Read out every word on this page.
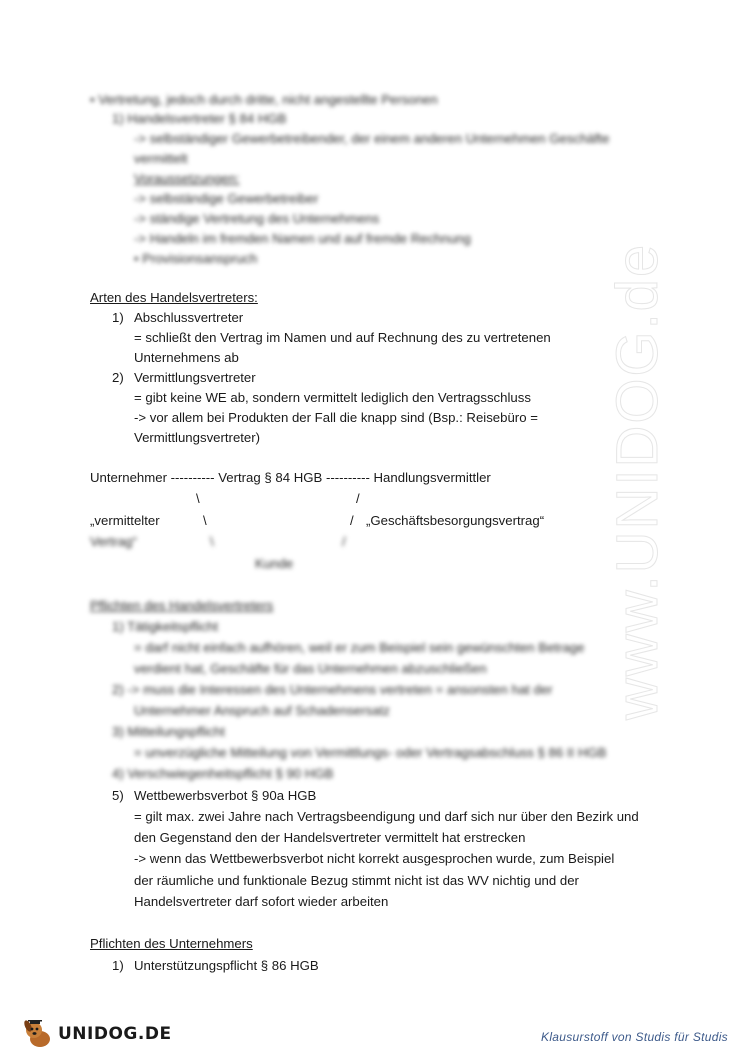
www.UNIDOG.de
• Vertretung, jedoch durch dritte, nicht angestellte Personen
1) Handelsvertreter § 84 HGB
-> selbständiger Gewerbetreibender, der einem anderen Unternehmen Geschäfte
vermittelt
Voraussetzungen:
-> selbständige Gewerbetreiber
-> ständige Vertretung des Unternehmens
-> Handeln im fremden Namen und auf fremde Rechnung
• Provisionsanspruch
Arten des Handelsvertreters:
1) Abschlussvertreter
= schließt den Vertrag im Namen und auf Rechnung des zu vertretenen
Unternehmens ab
2) Vermittlungsvertreter
= gibt keine WE ab, sondern vermittelt lediglich den Vertragsschluss
-> vor allem bei Produkten der Fall die knapp sind (Bsp.: Reisebüro =
Vermittlungsvertreter)
Unternehmer ---------- Vertrag § 84 HGB ---------- Handlungsvermittler
\	/
„vermittelter	\	/ „Geschäftsbesorgungsvertrag“
Vertrag“	\	/
Kunde
Pflichten des Handelsvertreters
1) Tätigkeitspflicht
= darf nicht einfach aufhören, weil er zum Beispiel sein gewünschten Betrage
verdient hat, Geschäfte für das Unternehmen abzuschließen
2) -> muss die Interessen des Unternehmens vertreten = ansonsten hat der
Unternehmer Anspruch auf Schadensersatz
3) Mitteilungspflicht
= unverzügliche Mitteilung von Vermittlungs- oder Vertragsabschluss § 86 II HGB
4) Verschwiegenheitspflicht § 90 HGB
5) Wettbewerbsverbot § 90a HGB
= gilt max. zwei Jahre nach Vertragsbeendigung und darf sich nur über den Bezirk und
den Gegenstand den der Handelsvertreter vermittelt hat erstrecken
-> wenn das Wettbewerbsverbot nicht korrekt ausgesprochen wurde, zum Beispiel
der räumliche und funktionale Bezug stimmt nicht ist das WV nichtig und der
Handelsvertreter darf sofort wieder arbeiten
Pflichten des Unternehmers
1) Unterstützungspflicht § 86 HGB
UNIDOG.DE	Klausurstoff von Studis für Studis
